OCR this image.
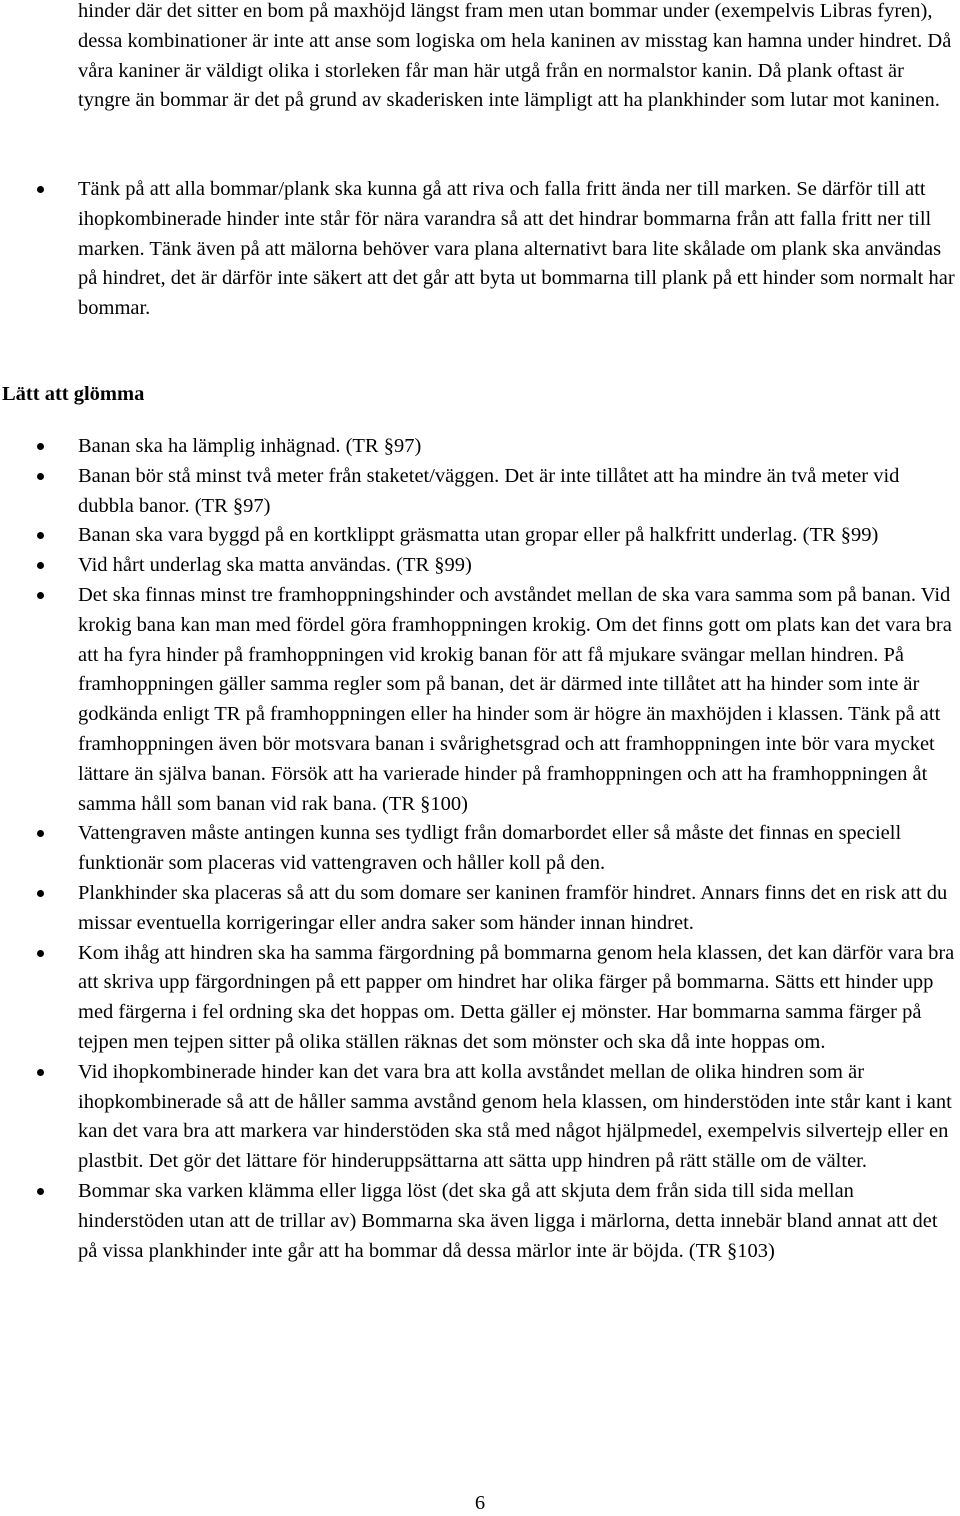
hinder där det sitter en bom på maxhöjd längst fram men utan bommar under (exempelvis Libras fyren), dessa kombinationer är inte att anse som logiska om hela kaninen av misstag kan hamna under hindret. Då våra kaniner är väldigt olika i storleken får man här utgå från en normalstor kanin. Då plank oftast är tyngre än bommar är det på grund av skaderisken inte lämpligt att ha plankhinder som lutar mot kaninen.

Tänk på att alla bommar/plank ska kunna gå att riva och falla fritt ända ner till marken. Se därför till att ihopkombinerade hinder inte står för nära varandra så att det hindrar bommarna från att falla fritt ner till marken. Tänk även på att mälorna behöver vara plana alternativt bara lite skålade om plank ska användas på hindret, det är därför inte säkert att det går att byta ut bommarna till plank på ett hinder som normalt har bommar.
Lätt att glömma
Banan ska ha lämplig inhägnad. (TR §97)
Banan bör stå minst två meter från staketet/väggen. Det är inte tillåtet att ha mindre än två meter vid dubbla banor. (TR §97)
Banan ska vara byggd på en kortklippt gräsmatta utan gropar eller på halkfritt underlag. (TR §99)
Vid hårt underlag ska matta användas. (TR §99)
Det ska finnas minst tre framhoppningshinder och avståndet mellan de ska vara samma som på banan. Vid krokig bana kan man med fördel göra framhoppningen krokig. Om det finns gott om plats kan det vara bra att ha fyra hinder på framhoppningen vid krokig banan för att få mjukare svängar mellan hindren. På framhoppningen gäller samma regler som på banan, det är därmed inte tillåtet att ha hinder som inte är godkända enligt TR på framhoppningen eller ha hinder som är högre än maxhöjden i klassen. Tänk på att framhoppningen även bör motsvara banan i svårighetsgrad och att framhoppningen inte bör vara mycket lättare än själva banan. Försök att ha varierade hinder på framhoppningen och att ha framhoppningen åt samma håll som banan vid rak bana. (TR §100)
Vattengraven måste antingen kunna ses tydligt från domarbordet eller så måste det finnas en speciell funktionär som placeras vid vattengraven och håller koll på den.
Plankhinder ska placeras så att du som domare ser kaninen framför hindret. Annars finns det en risk att du missar eventuella korrigeringar eller andra saker som händer innan hindret.
Kom ihåg att hindren ska ha samma färgordning på bommarna genom hela klassen, det kan därför vara bra att skriva upp färgordningen på ett papper om hindret har olika färger på bommarna. Sätts ett hinder upp med färgerna i fel ordning ska det hoppas om. Detta gäller ej mönster. Har bommarna samma färger på tejpen men tejpen sitter på olika ställen räknas det som mönster och ska då inte hoppas om.
Vid ihopkombinerade hinder kan det vara bra att kolla avståndet mellan de olika hindren som är ihopkombinerade så att de håller samma avstånd genom hela klassen, om hinderstöden inte står kant i kant kan det vara bra att markera var hinderstöden ska stå med något hjälpmedel, exempelvis silvertejp eller en plastbit. Det gör det lättare för hinderuppsättarna att sätta upp hindren på rätt ställe om de välter.
Bommar ska varken klämma eller ligga löst (det ska gå att skjuta dem från sida till sida mellan hinderstöden utan att de trillar av) Bommarna ska även ligga i märlorna, detta innebär bland annat att det på vissa plankhinder inte går att ha bommar då dessa märlor inte är böjda. (TR §103)
6
